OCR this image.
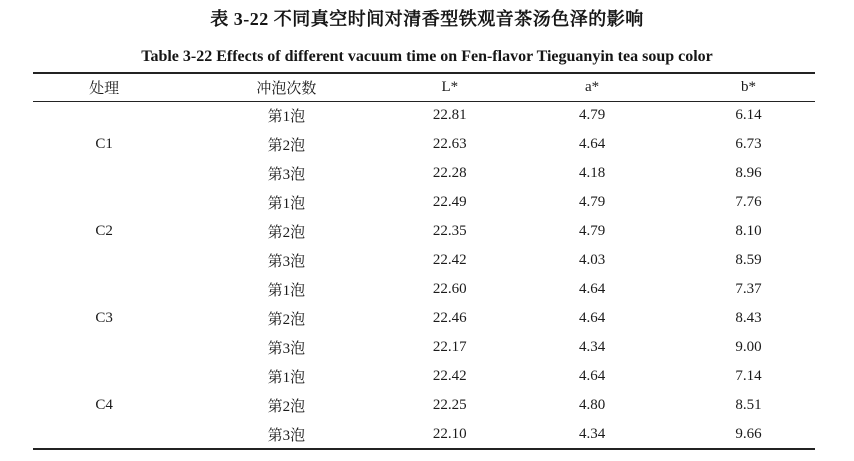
表 3-22 不同真空时间对清香型铁观音茶汤色泽的影响
Table 3-22 Effects of different vacuum time on Fen-flavor Tieguanyin tea soup color
处理	冲泡次数	L*	a*	b*
C1	第1泡	22.81	4.79	6.14
	第2泡	22.63	4.64	6.73
	第3泡	22.28	4.18	8.96
C2	第1泡	22.49	4.79	7.76
	第2泡	22.35	4.79	8.10
	第3泡	22.42	4.03	8.59
C3	第1泡	22.60	4.64	7.37
	第2泡	22.46	4.64	8.43
	第3泡	22.17	4.34	9.00
C4	第1泡	22.42	4.64	7.14
	第2泡	22.25	4.80	8.51
	第3泡	22.10	4.34	9.66
